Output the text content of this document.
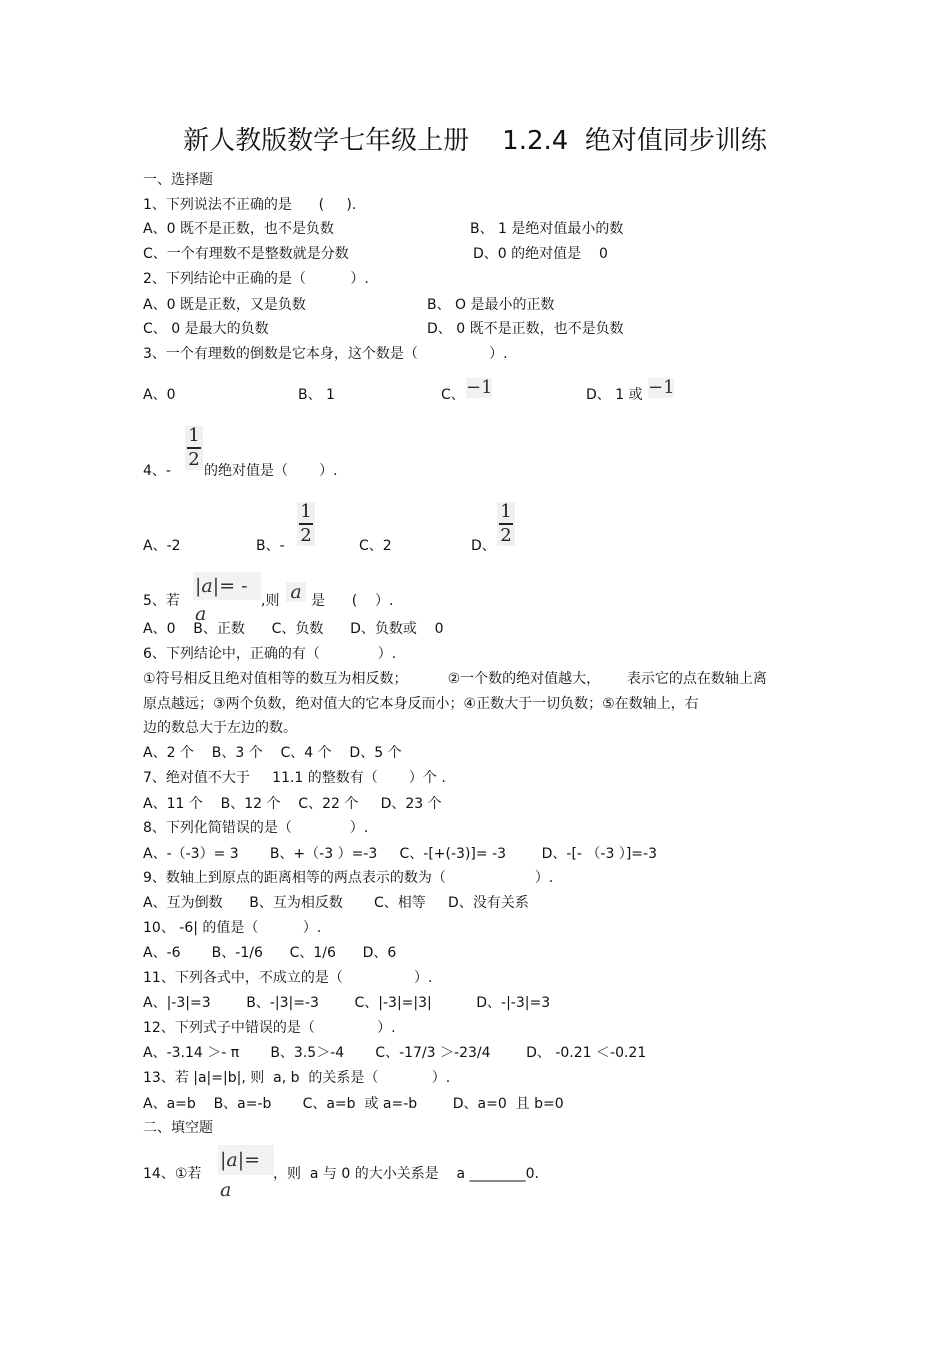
新人教版数学七年级上册    1.2.4  绝对值同步训练
一、选择题
1、下列说法不正确的是      (     ).
A、0 既不是正数，也不是负数	B、 1 是绝对值最小的数
C、一个有理数不是整数就是分数	D、0 的绝对值是    0
2、下列结论中正确的是（          ）.
A、0 既是正数，又是负数	B、 O 是最小的正数
C、 0 是最大的负数	D、 0 既不是正数，也不是负数
3、一个有理数的倒数是它本身，这个数是（                ）.
A、0	B、 1	C、 −1	D、 1 或 −1
1
2
4、- 的绝对值是（       ）.
A、-2	B、-
1
2	C、2	D、
1
2
5、若
|a|= - a
,则 a 是      (    ）.
A、0    B、正数      C、负数      D、负数或    0
6、下列结论中，正确的有（             ）.
①符号相反且绝对值相等的数互为相反数；         ②一个数的绝对值越大，      表示它的点在数轴上离
原点越远；③两个负数，绝对值大的它本身反而小；④正数大于一切负数；⑤在数轴上，右
边的数总大于左边的数。
A、2 个    B、3 个    C、4 个    D、5 个
7、绝对值不大于     11.1 的整数有（       ）个 .
A、11 个    B、12 个    C、22 个     D、23 个
8、下列化简错误的是（             ）.
A、-（-3）= 3       B、+（-3 ）=-3     C、-[+(-3)]= -3        D、-[- （-3 ）]=-3
9、数轴上到原点的距离相等的两点表示的数为（                    ）.
A、互为倒数      B、互为相反数       C、相等     D、没有关系
10、 -6| 的值是（          ）.
A、-6       B、-1/6      C、1/6      D、6
11、下列各式中，不成立的是（                ）.
A、|-3|=3        B、-|3|=-3        C、|-3|=|3|          D、-|-3|=3
12、下列式子中错误的是（              ）.
A、-3.14 ＞- π       B、3.5＞-4       C、-17/3 ＞-23/4        D、 -0.21 ＜-0.21
13、若 |a|=|b|, 则  a, b  的关系是（            ）.
A、a=b    B、a=-b       C、a=b  或 a=-b        D、a=0  且 b=0
二、填空题
14、①若
|a|= a
，则  a 与 0 的大小关系是    a ________0.
